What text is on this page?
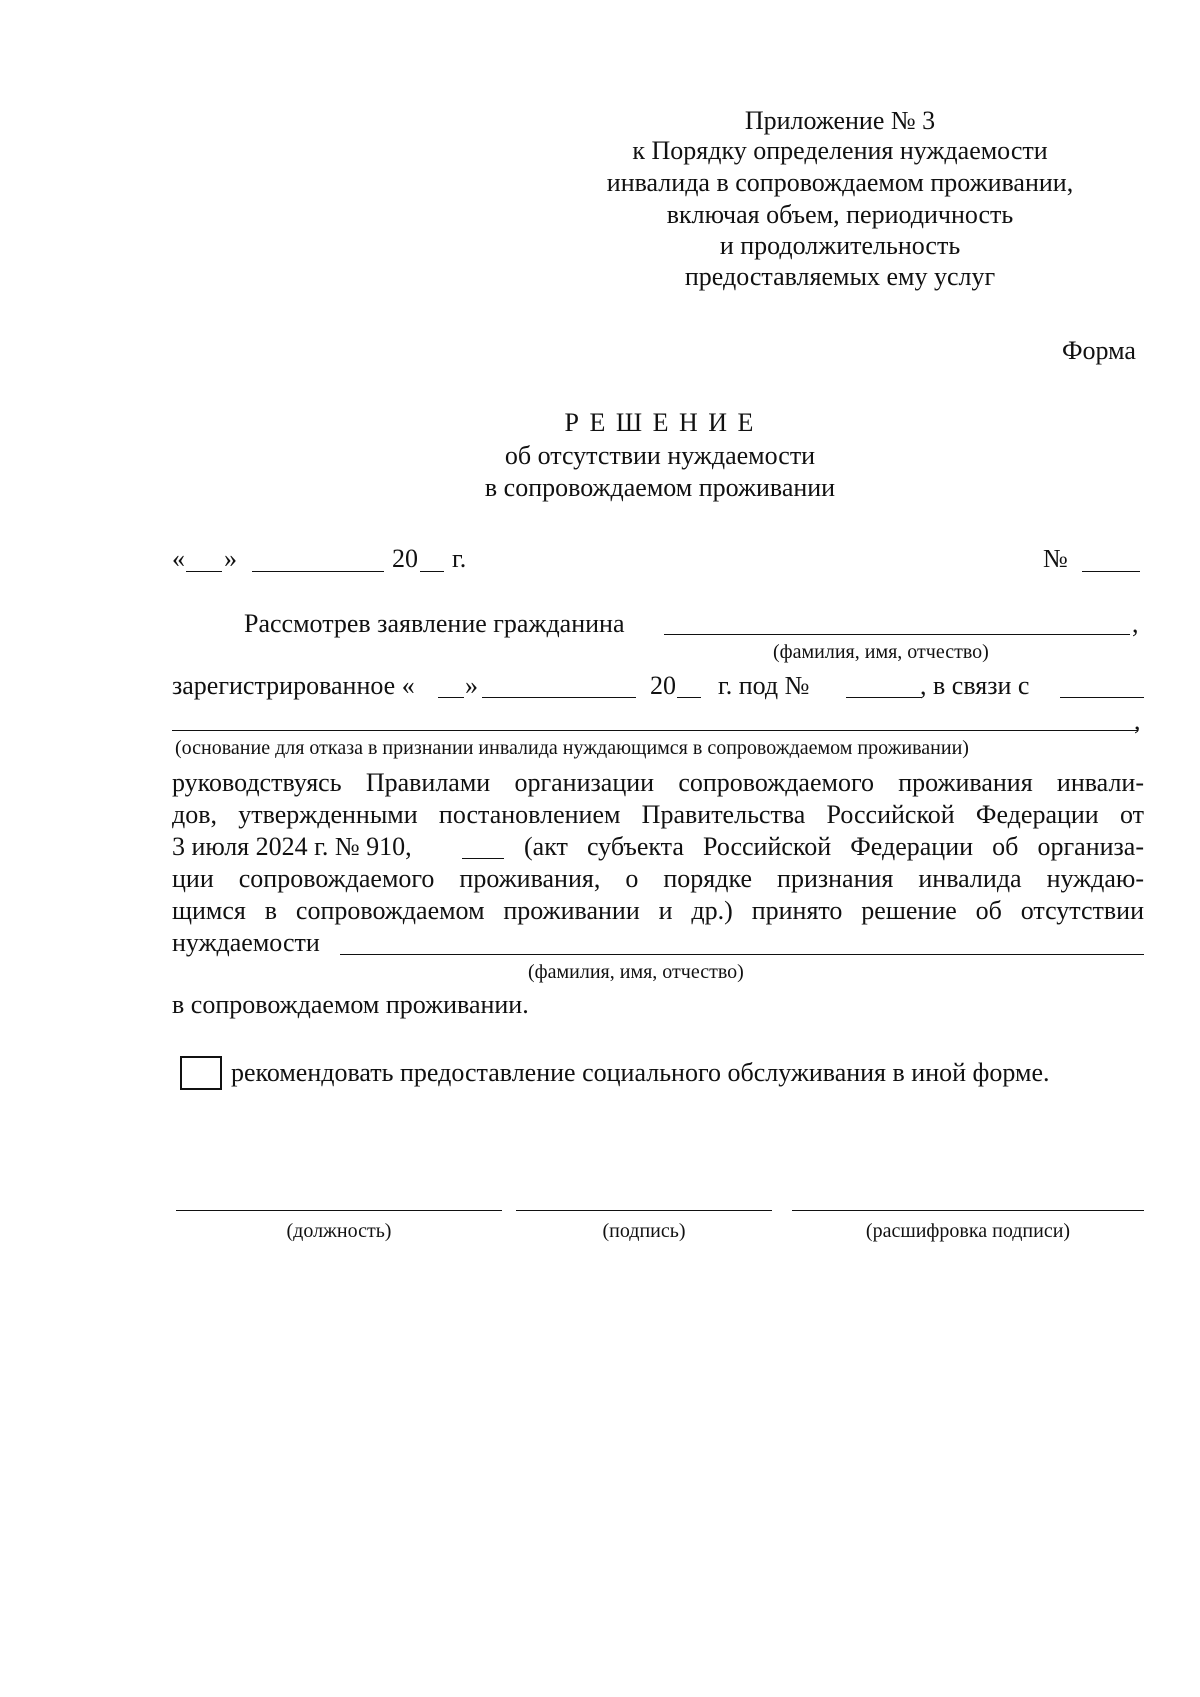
Приложение № 3
к Порядку определения нуждаемости
инвалида в сопровождаемом проживании,
включая объем, периодичность
и продолжительность
предоставляемых ему услуг
Форма
Р Е Ш Е Н И Е
об отсутствии нуждаемости
в сопровождаемом проживании
« »	20 г.	№
Рассмотрев заявление гражданина	,
(фамилия, имя, отчество)
зарегистрированное « »	20 г. под №	, в связи с
,
(основание для отказа в признании инвалида нуждающимся в сопровождаемом проживании)
руководствуясь Правилами организации сопровождаемого проживания инвали-
дов, утвержденными постановлением Правительства Российской Федерации от
3 июля 2024 г. № 910,	(акт субъекта Российской Федерации об организа-
ции сопровождаемого проживания, о порядке признания инвалида нуждаю-
щимся в сопровождаемом проживании и др.) принято решение об отсутствии
нуждаемости
(фамилия, имя, отчество)
в сопровождаемом проживании.
рекомендовать предоставление социального обслуживания в иной форме.
(должность)	(подпись)	(расшифровка подписи)
